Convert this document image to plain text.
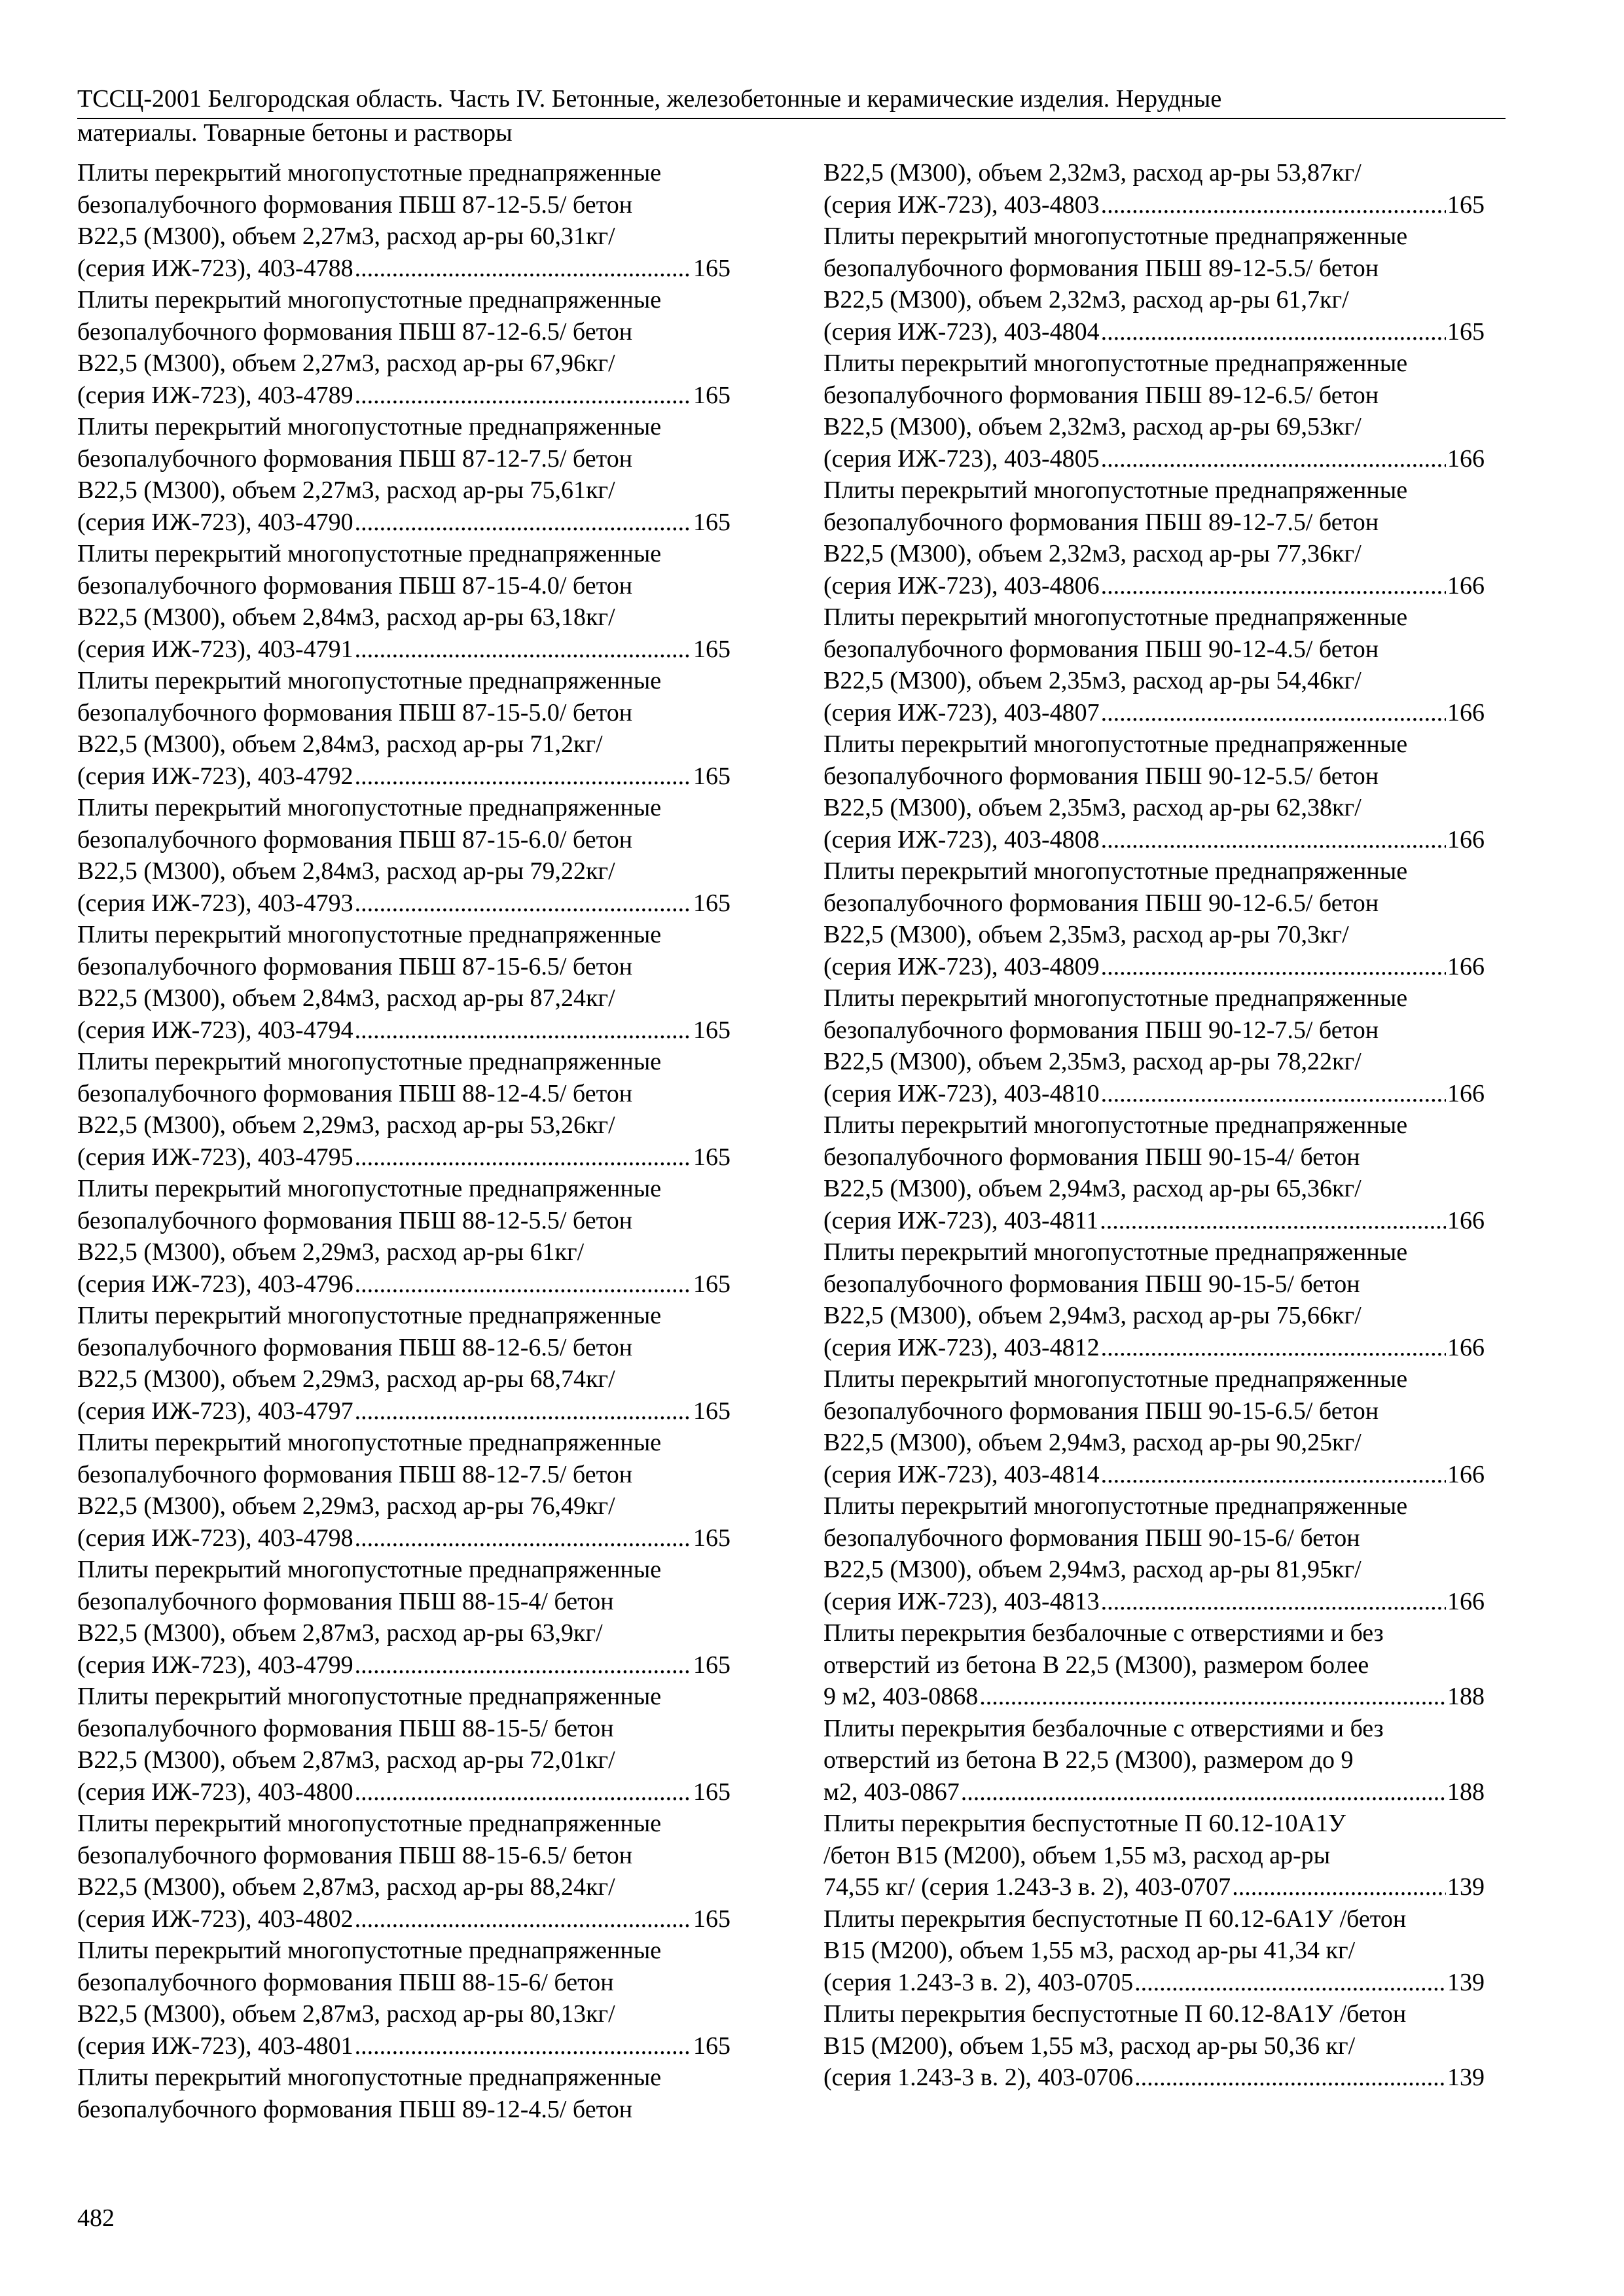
ТССЦ-2001 Белгородская область. Часть IV. Бетонные, железобетонные и керамические изделия. Нерудные
материалы. Товарные бетоны и растворы
Плиты перекрытий многопустотные преднапряженные
безопалубочного формования ПБШ 87-12-5.5/ бетон
В22,5 (М300), объем 2,27м3, расход ар-ры 60,31кг/
(серия ИЖ-723), 403-4788 .....	165
Плиты перекрытий многопустотные преднапряженные
безопалубочного формования ПБШ 87-12-6.5/ бетон
В22,5 (М300), объем 2,27м3, расход ар-ры 67,96кг/
(серия ИЖ-723), 403-4789 .....	165
Плиты перекрытий многопустотные преднапряженные
безопалубочного формования ПБШ 87-12-7.5/ бетон
В22,5 (М300), объем 2,27м3, расход ар-ры 75,61кг/
(серия ИЖ-723), 403-4790 .....	165
Плиты перекрытий многопустотные преднапряженные
безопалубочного формования ПБШ 87-15-4.0/ бетон
В22,5 (М300), объем 2,84м3, расход ар-ры 63,18кг/
(серия ИЖ-723), 403-4791 .....	165
Плиты перекрытий многопустотные преднапряженные
безопалубочного формования ПБШ 87-15-5.0/ бетон
В22,5 (М300), объем 2,84м3, расход ар-ры 71,2кг/
(серия ИЖ-723), 403-4792 .....	165
Плиты перекрытий многопустотные преднапряженные
безопалубочного формования ПБШ 87-15-6.0/ бетон
В22,5 (М300), объем 2,84м3, расход ар-ры 79,22кг/
(серия ИЖ-723), 403-4793 .....	165
Плиты перекрытий многопустотные преднапряженные
безопалубочного формования ПБШ 87-15-6.5/ бетон
В22,5 (М300), объем 2,84м3, расход ар-ры 87,24кг/
(серия ИЖ-723), 403-4794 .....	165
Плиты перекрытий многопустотные преднапряженные
безопалубочного формования ПБШ 88-12-4.5/ бетон
В22,5 (М300), объем 2,29м3, расход ар-ры 53,26кг/
(серия ИЖ-723), 403-4795 .....	165
Плиты перекрытий многопустотные преднапряженные
безопалубочного формования ПБШ 88-12-5.5/ бетон
В22,5 (М300), объем 2,29м3, расход ар-ры 61кг/
(серия ИЖ-723), 403-4796 .....	165
Плиты перекрытий многопустотные преднапряженные
безопалубочного формования ПБШ 88-12-6.5/ бетон
В22,5 (М300), объем 2,29м3, расход ар-ры 68,74кг/
(серия ИЖ-723), 403-4797 .....	165
Плиты перекрытий многопустотные преднапряженные
безопалубочного формования ПБШ 88-12-7.5/ бетон
В22,5 (М300), объем 2,29м3, расход ар-ры 76,49кг/
(серия ИЖ-723), 403-4798 .....	165
Плиты перекрытий многопустотные преднапряженные
безопалубочного формования ПБШ 88-15-4/ бетон
В22,5 (М300), объем 2,87м3, расход ар-ры 63,9кг/
(серия ИЖ-723), 403-4799 .....	165
Плиты перекрытий многопустотные преднапряженные
безопалубочного формования ПБШ 88-15-5/ бетон
В22,5 (М300), объем 2,87м3, расход ар-ры 72,01кг/
(серия ИЖ-723), 403-4800 .....	165
Плиты перекрытий многопустотные преднапряженные
безопалубочного формования ПБШ 88-15-6.5/ бетон
В22,5 (М300), объем 2,87м3, расход ар-ры 88,24кг/
(серия ИЖ-723), 403-4802 .....	165
Плиты перекрытий многопустотные преднапряженные
безопалубочного формования ПБШ 88-15-6/ бетон
В22,5 (М300), объем 2,87м3, расход ар-ры 80,13кг/
(серия ИЖ-723), 403-4801 .....	165
Плиты перекрытий многопустотные преднапряженные
безопалубочного формования ПБШ 89-12-4.5/ бетон
В22,5 (М300), объем 2,32м3, расход ар-ры 53,87кг/
(серия ИЖ-723), 403-4803 .....	165
Плиты перекрытий многопустотные преднапряженные
безопалубочного формования ПБШ 89-12-5.5/ бетон
В22,5 (М300), объем 2,32м3, расход ар-ры 61,7кг/
(серия ИЖ-723), 403-4804 .....	165
Плиты перекрытий многопустотные преднапряженные
безопалубочного формования ПБШ 89-12-6.5/ бетон
В22,5 (М300), объем 2,32м3, расход ар-ры 69,53кг/
(серия ИЖ-723), 403-4805 .....	166
Плиты перекрытий многопустотные преднапряженные
безопалубочного формования ПБШ 89-12-7.5/ бетон
В22,5 (М300), объем 2,32м3, расход ар-ры 77,36кг/
(серия ИЖ-723), 403-4806 .....	166
Плиты перекрытий многопустотные преднапряженные
безопалубочного формования ПБШ 90-12-4.5/ бетон
В22,5 (М300), объем 2,35м3, расход ар-ры 54,46кг/
(серия ИЖ-723), 403-4807 .....	166
Плиты перекрытий многопустотные преднапряженные
безопалубочного формования ПБШ 90-12-5.5/ бетон
В22,5 (М300), объем 2,35м3, расход ар-ры 62,38кг/
(серия ИЖ-723), 403-4808 .....	166
Плиты перекрытий многопустотные преднапряженные
безопалубочного формования ПБШ 90-12-6.5/ бетон
В22,5 (М300), объем 2,35м3, расход ар-ры 70,3кг/
(серия ИЖ-723), 403-4809 .....	166
Плиты перекрытий многопустотные преднапряженные
безопалубочного формования ПБШ 90-12-7.5/ бетон
В22,5 (М300), объем 2,35м3, расход ар-ры 78,22кг/
(серия ИЖ-723), 403-4810 .....	166
Плиты перекрытий многопустотные преднапряженные
безопалубочного формования ПБШ 90-15-4/ бетон
В22,5 (М300), объем 2,94м3, расход ар-ры 65,36кг/
(серия ИЖ-723), 403-4811 .....	166
Плиты перекрытий многопустотные преднапряженные
безопалубочного формования ПБШ 90-15-5/ бетон
В22,5 (М300), объем 2,94м3, расход ар-ры 75,66кг/
(серия ИЖ-723), 403-4812 .....	166
Плиты перекрытий многопустотные преднапряженные
безопалубочного формования ПБШ 90-15-6.5/ бетон
В22,5 (М300), объем 2,94м3, расход ар-ры 90,25кг/
(серия ИЖ-723), 403-4814 .....	166
Плиты перекрытий многопустотные преднапряженные
безопалубочного формования ПБШ 90-15-6/ бетон
В22,5 (М300), объем 2,94м3, расход ар-ры 81,95кг/
(серия ИЖ-723), 403-4813 .....	166
Плиты перекрытия безбалочные с отверстиями и без
отверстий из бетона В 22,5 (М300), размером более
9 м2, 403-0868 .....	188
Плиты перекрытия безбалочные с отверстиями и без
отверстий из бетона В 22,5 (М300), размером до 9
м2, 403-0867 .....	188
Плиты перекрытия беспустотные П 60.12-10А1У
/бетон В15 (М200), объем 1,55 м3, расход ар-ры
74,55 кг/ (серия 1.243-3 в. 2), 403-0707 .....	139
Плиты перекрытия беспустотные П 60.12-6А1У /бетон
В15 (М200), объем 1,55 м3, расход ар-ры 41,34 кг/
(серия 1.243-3 в. 2), 403-0705 .....	139
Плиты перекрытия беспустотные П 60.12-8А1У /бетон
В15 (М200), объем 1,55 м3, расход ар-ры 50,36 кг/
(серия 1.243-3 в. 2), 403-0706 .....	139
482
